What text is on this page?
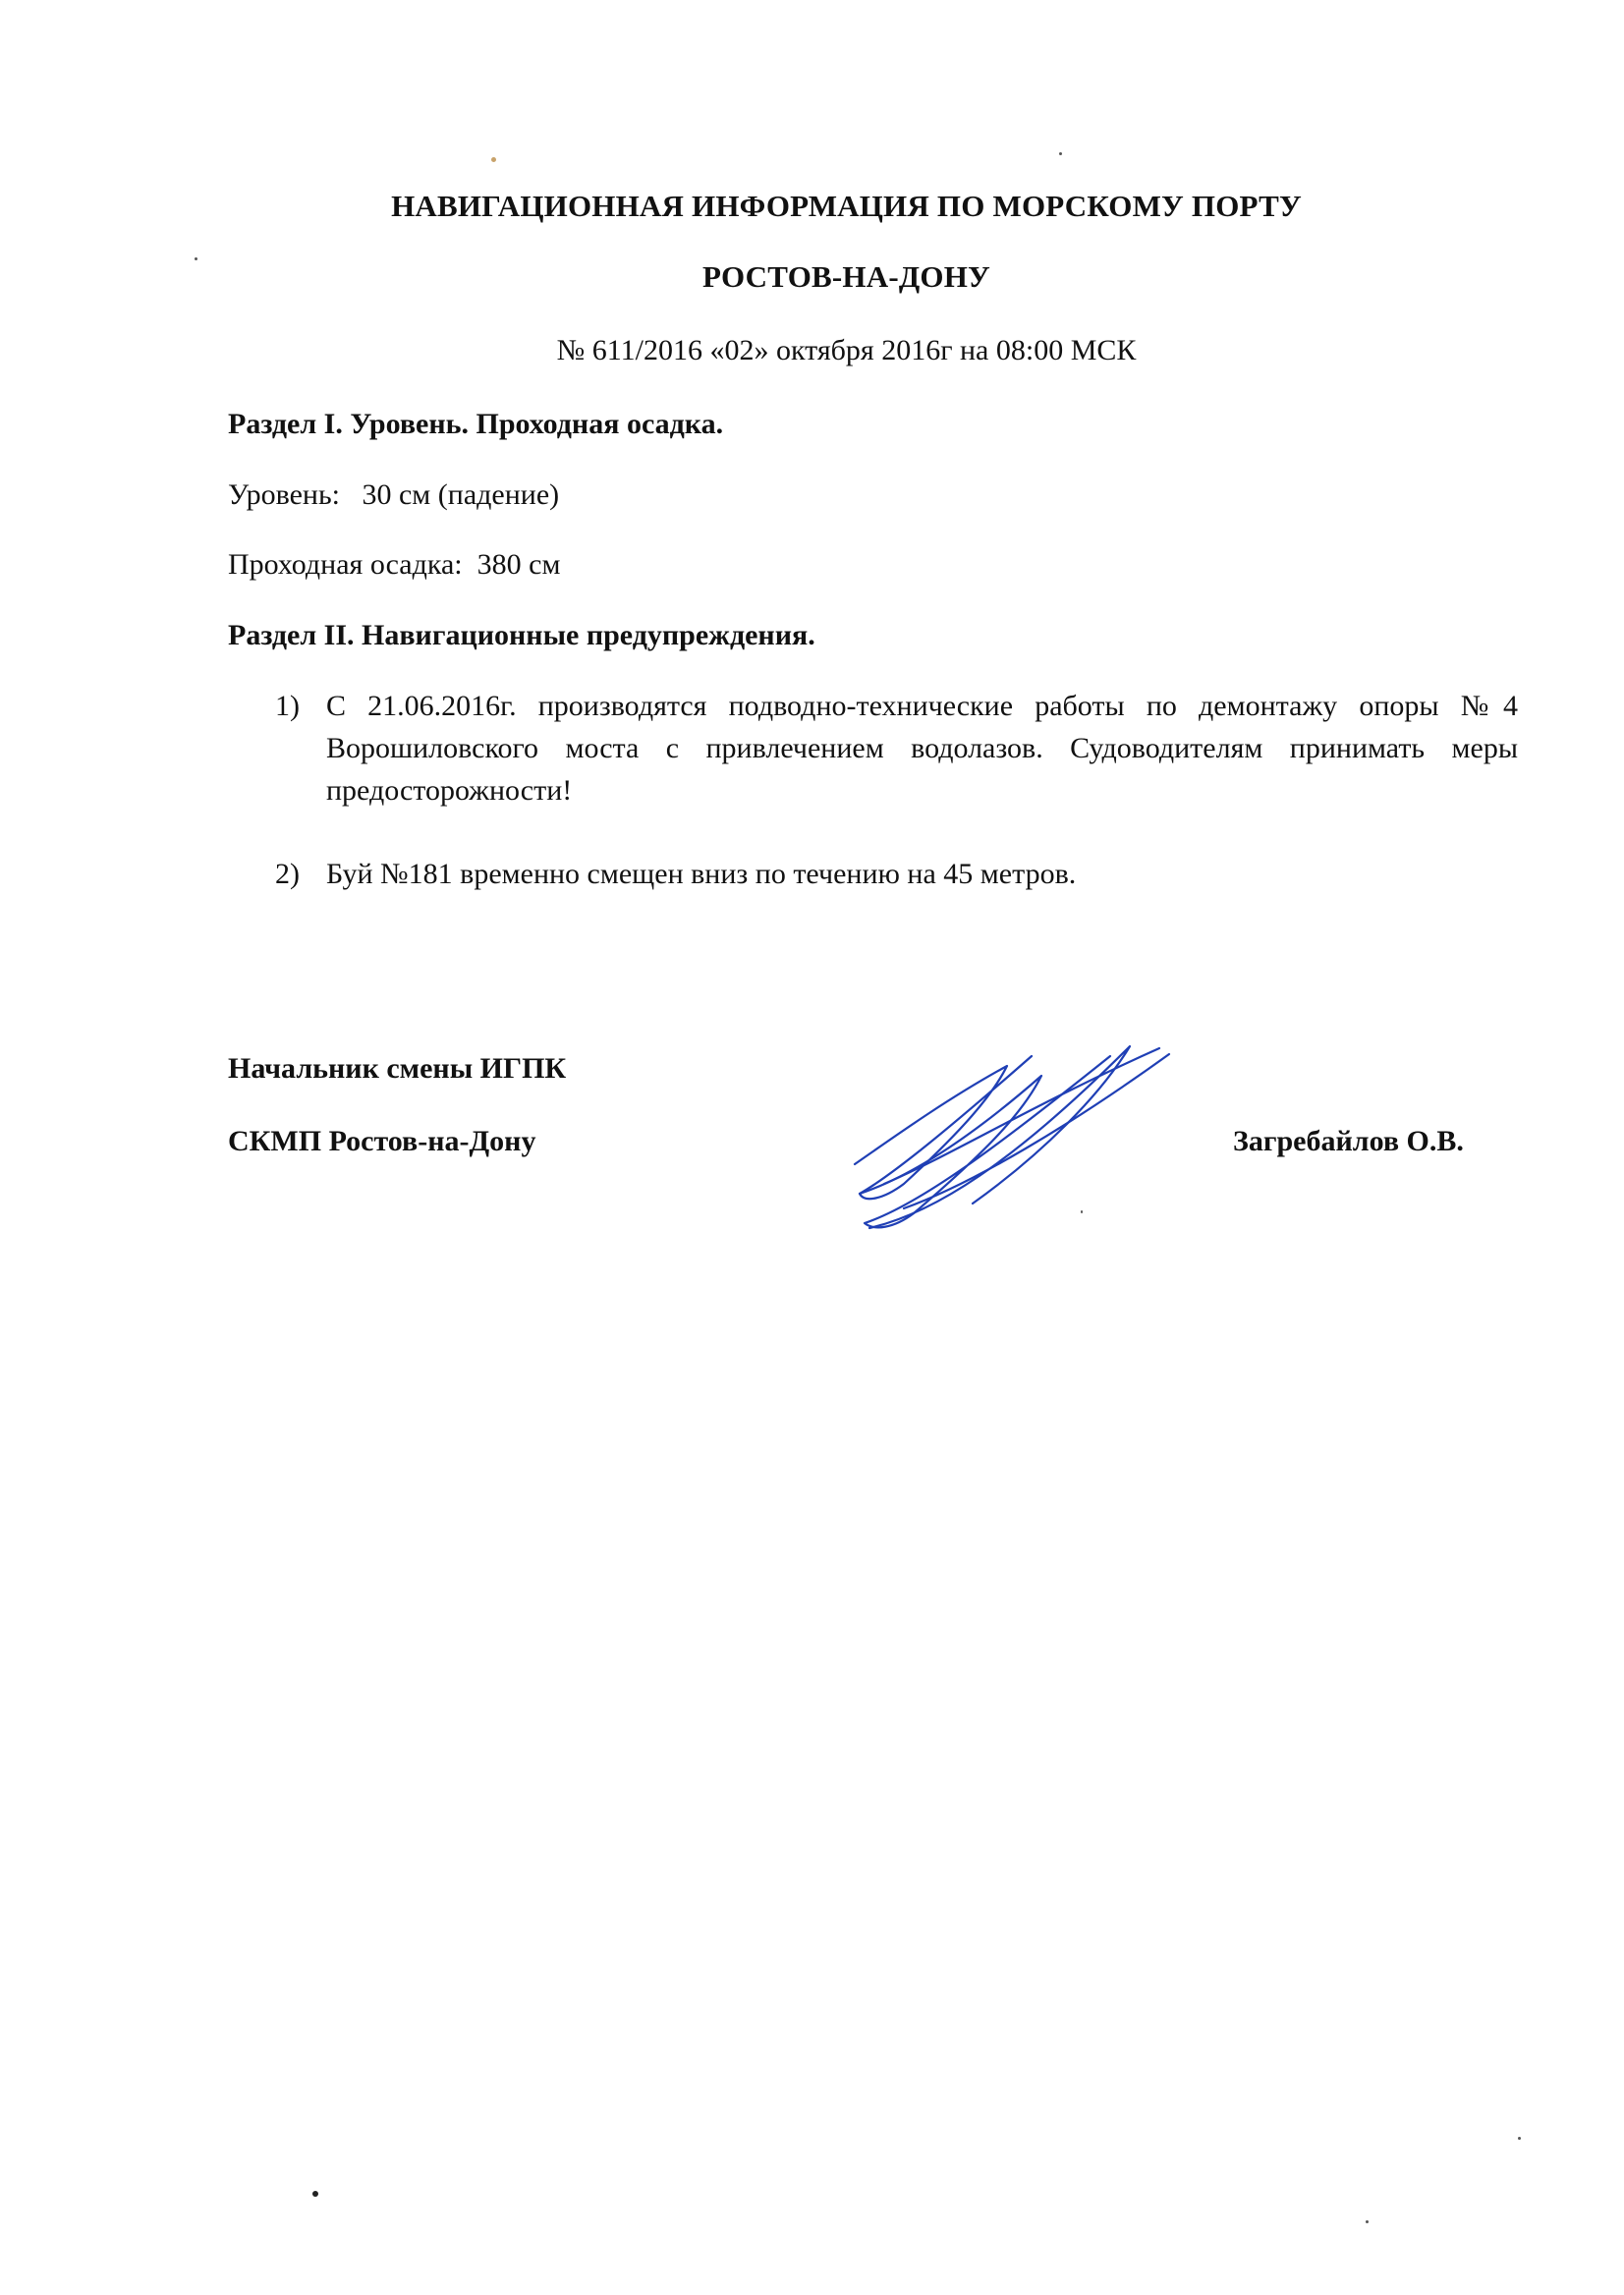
НАВИГАЦИОННАЯ ИНФОРМАЦИЯ ПО МОРСКОМУ ПОРТУ
РОСТОВ-НА-ДОНУ
№ 611/2016 «02» октября 2016г на 08:00 МСК
Раздел I. Уровень. Проходная осадка.
Уровень: 30 см (падение)
Проходная осадка: 380 см
Раздел II. Навигационные предупреждения.
1) С 21.06.2016г. производятся подводно-технические работы по демонтажу опоры №4 Ворошиловского моста с привлечением водолазов. Судоводителям принимать меры предосторожности!
2) Буй №181 временно смещен вниз по течению на 45 метров.
Начальник смены ИГПК
СКМП Ростов-на-Дону	Загребайлов О.В.
